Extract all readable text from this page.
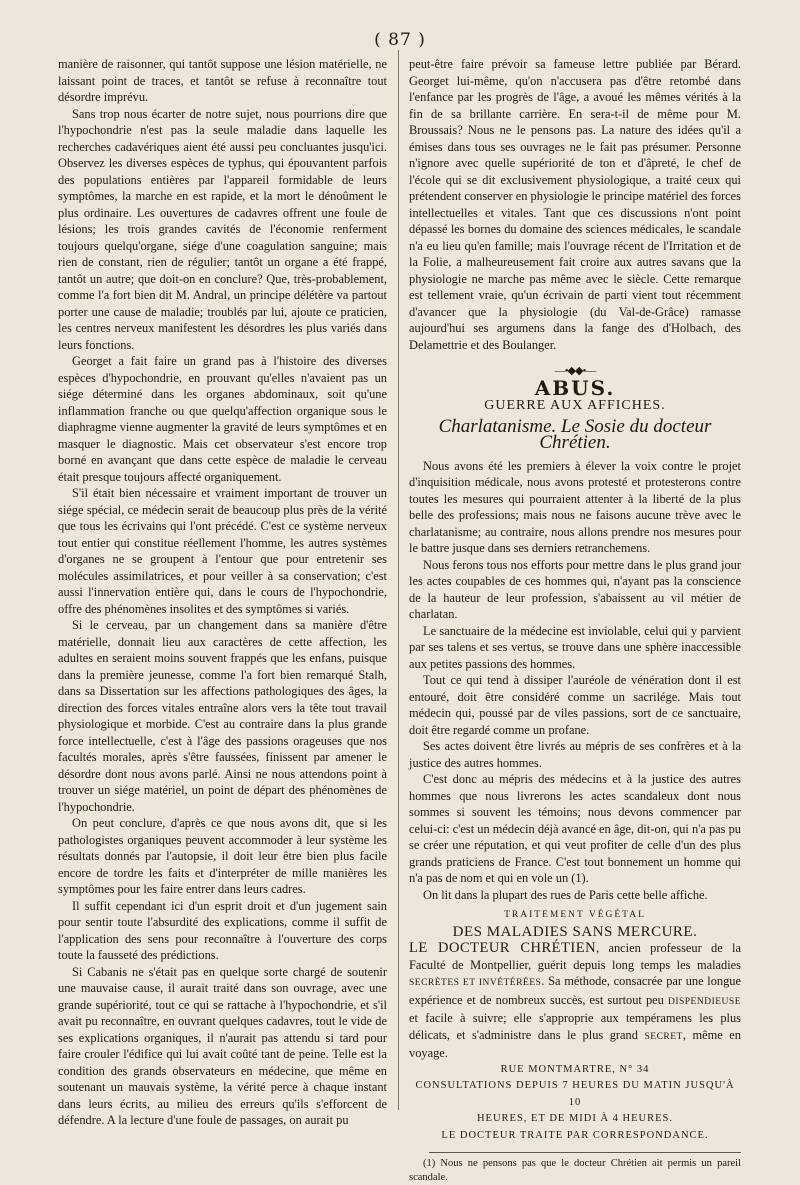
( 87 )

manière de raisonner, qui tantôt suppose une lésion matérielle, ne laissant point de traces, et tantôt se refuse à reconnaître tout désordre imprévu.

Sans trop nous écarter de notre sujet, nous pourrions dire que l'hypochondrie n'est pas la seule maladie dans laquelle les recherches cadavériques aient été aussi peu concluantes jusqu'ici. Observez les diverses espèces de typhus, qui épouvantent parfois des populations entières par l'appareil formidable de leurs symptômes, la marche en est rapide, et la mort le dénoûment le plus ordinaire. Les ouvertures de cadavres offrent une foule de lésions; les trois grandes cavités de l'économie renferment toujours quelqu'organe, siége d'une coagulation sanguine; mais rien de constant, rien de régulier; tantôt un organe a été frappé, tantôt un autre; que doit-on en conclure? Que, très-probablement, comme l'a fort bien dit M. Andral, un principe délétère va partout porter une cause de maladie; troublés par lui, ajoute ce praticien, les centres nerveux manifestent les désordres les plus variés dans leurs fonctions.

Georget a fait faire un grand pas à l'histoire des diverses espèces d'hypochondrie, en prouvant qu'elles n'avaient pas un siége déterminé dans les organes abdominaux, soit qu'une inflammation franche ou que quelqu'affection organique sous le diaphragme vienne augmenter la gravité de leurs symptômes et en masquer le diagnostic. Mais cet observateur s'est encore trop borné en avançant que dans cette espèce de maladie le cerveau était presque toujours affecté organiquement.

S'il était bien nécessaire et vraiment important de trouver un siége spécial, ce médecin serait de beaucoup plus près de la vérité que tous les écrivains qui l'ont précédé. C'est ce système nerveux tout entier qui constitue réellement l'homme, les autres systèmes d'organes ne se groupent à l'entour que pour entretenir ses molécules assimilatrices, et pour veiller à sa conservation; c'est aussi l'innervation entière qui, dans le cours de l'hypochondrie, offre des phénomènes insolites et des symptômes si variés.

Si le cerveau, par un changement dans sa manière d'être matérielle, donnait lieu aux caractères de cette affection, les adultes en seraient moins souvent frappés que les enfans, puisque dans la première jeunesse, comme l'a fort bien remarqué Stalh, dans sa Dissertation sur les affections pathologiques des âges, la direction des forces vitales entraîne alors vers la tête tout travail physiologique et morbide. C'est au contraire dans la plus grande force intellectuelle, c'est à l'âge des passions orageuses que nos facultés morales, après s'être faussées, finissent par amener le désordre dont nous avons parlé. Ainsi ne nous attendons point à trouver un siége matériel, un point de départ des phénomènes de l'hypochondrie.

On peut conclure, d'après ce que nous avons dit, que si les pathologistes organiques peuvent accommoder à leur système les résultats donnés par l'autopsie, il doit leur être bien plus facile encore de tordre les faits et d'interpréter de mille manières les symptômes pour les faire entrer dans leurs cadres.

Il suffit cependant ici d'un esprit droit et d'un jugement sain pour sentir toute l'absurdité des explications, comme il suffit de l'application des sens pour reconnaître à l'ouverture des corps toute la fausseté des prédictions.

Si Cabanis ne s'était pas en quelque sorte chargé de soutenir une mauvaise cause, il aurait traité dans son ouvrage, avec une grande supériorité, tout ce qui se rattache à l'hypochondrie, et s'il avait pu reconnaître, en ouvrant quelques cadavres, tout le vide de ses explications organiques, il n'aurait pas attendu si tard pour faire crouler l'édifice qui lui avait coûté tant de peine. Telle est la condition des grands observateurs en médecine, que même en soutenant un mauvais système, la vérité perce à chaque instant dans leurs écrits, au milieu des erreurs qu'ils s'efforcent de défendre. A la lecture d'une foule de passages, on aurait pu

peut-être faire prévoir sa fameuse lettre publiée par Bérard. Georget lui-même, qu'on n'accusera pas d'être retombé dans l'enfance par les progrès de l'âge, a avoué les mêmes vérités à la fin de sa brillante carrière. En sera-t-il de même pour M. Broussais? Nous ne le pensons pas. La nature des idées qu'il a émises dans tous ses ouvrages ne le fait pas présumer. Personne n'ignore avec quelle supériorité de ton et d'âpreté, le chef de l'école qui se dit exclusivement physiologique, a traité ceux qui prétendent conserver en physiologie le principe matériel des forces intellectuelles et vitales. Tant que ces discussions n'ont point dépassé les bornes du domaine des sciences médicales, le scandale n'a eu lieu qu'en famille; mais l'ouvrage récent de l'Irritation et de la Folie, a malheureusement fait croire aux autres savans que la physiologie ne marche pas même avec le siècle. Cette remarque est tellement vraie, qu'un écrivain de parti vient tout récemment d'avancer que la physiologie (du Val-de-Grâce) ramasse aujourd'hui ses argumens dans la fange des d'Holbach, des Delamettrie et des Boulanger.

—•◆◆•—
ABUS.
GUERRE AUX AFFICHES.
Charlatanisme. Le Sosie du docteur Chrétien.

Nous avons été les premiers à élever la voix contre le projet d'inquisition médicale, nous avons protesté et protesterons contre toutes les mesures qui pourraient attenter à la liberté de la plus belle des professions; mais nous ne faisons aucune trève avec le charlatanisme; au contraire, nous allons prendre nos mesures pour le battre jusque dans ses derniers retranchemens.

Nous ferons tous nos efforts pour mettre dans le plus grand jour les actes coupables de ces hommes qui, n'ayant pas la conscience de la hauteur de leur profession, s'abaissent au vil métier de charlatan.

Le sanctuaire de la médecine est inviolable, celui qui y parvient par ses talens et ses vertus, se trouve dans une sphère inaccessible aux petites passions des hommes.

Tout ce qui tend à dissiper l'auréole de vénération dont il est entouré, doit être considéré comme un sacrilége. Mais tout médecin qui, poussé par de viles passions, sort de ce sanctuaire, doit être regardé comme un profane.

Ses actes doivent être livrés au mépris de ses confrères et à la justice des autres hommes.

C'est donc au mépris des médecins et à la justice des autres hommes que nous livrerons les actes scandaleux dont nous sommes si souvent les témoins; nous devons commencer par celui-ci: c'est un médecin déjà avancé en âge, dit-on, qui n'a pas pu se créer une réputation, et qui veut profiter de celle d'un des plus grands praticiens de France. C'est tout bonnement un homme qui n'a pas de nom et qui en vole un (1).

On lit dans la plupart des rues de Paris cette belle affiche.

TRAITEMENT VÉGÉTAL
DES MALADIES SANS MERCURE.

LE DOCTEUR CHRÉTIEN, ancien professeur de la Faculté de Montpellier, guérit depuis long temps les maladies SECRÈTES ET INVÉTÉRÉES. Sa méthode, consacrée par une longue expérience et de nombreux succès, est surtout peu DISPENDIEUSE et facile à suivre; elle s'approprie aux tempéramens les plus délicats, et s'administre dans le plus grand SECRET, même en voyage.

RUE MONTMARTRE, N° 34

CONSULTATIONS DEPUIS 7 HEURES DU MATIN JUSQU'À 10

HEURES, ET DE MIDI À 4 HEURES.

LE DOCTEUR TRAITE PAR CORRESPONDANCE.

(1) Nous ne pensons pas que le docteur Chrétien ait permis un pareil scandale.
